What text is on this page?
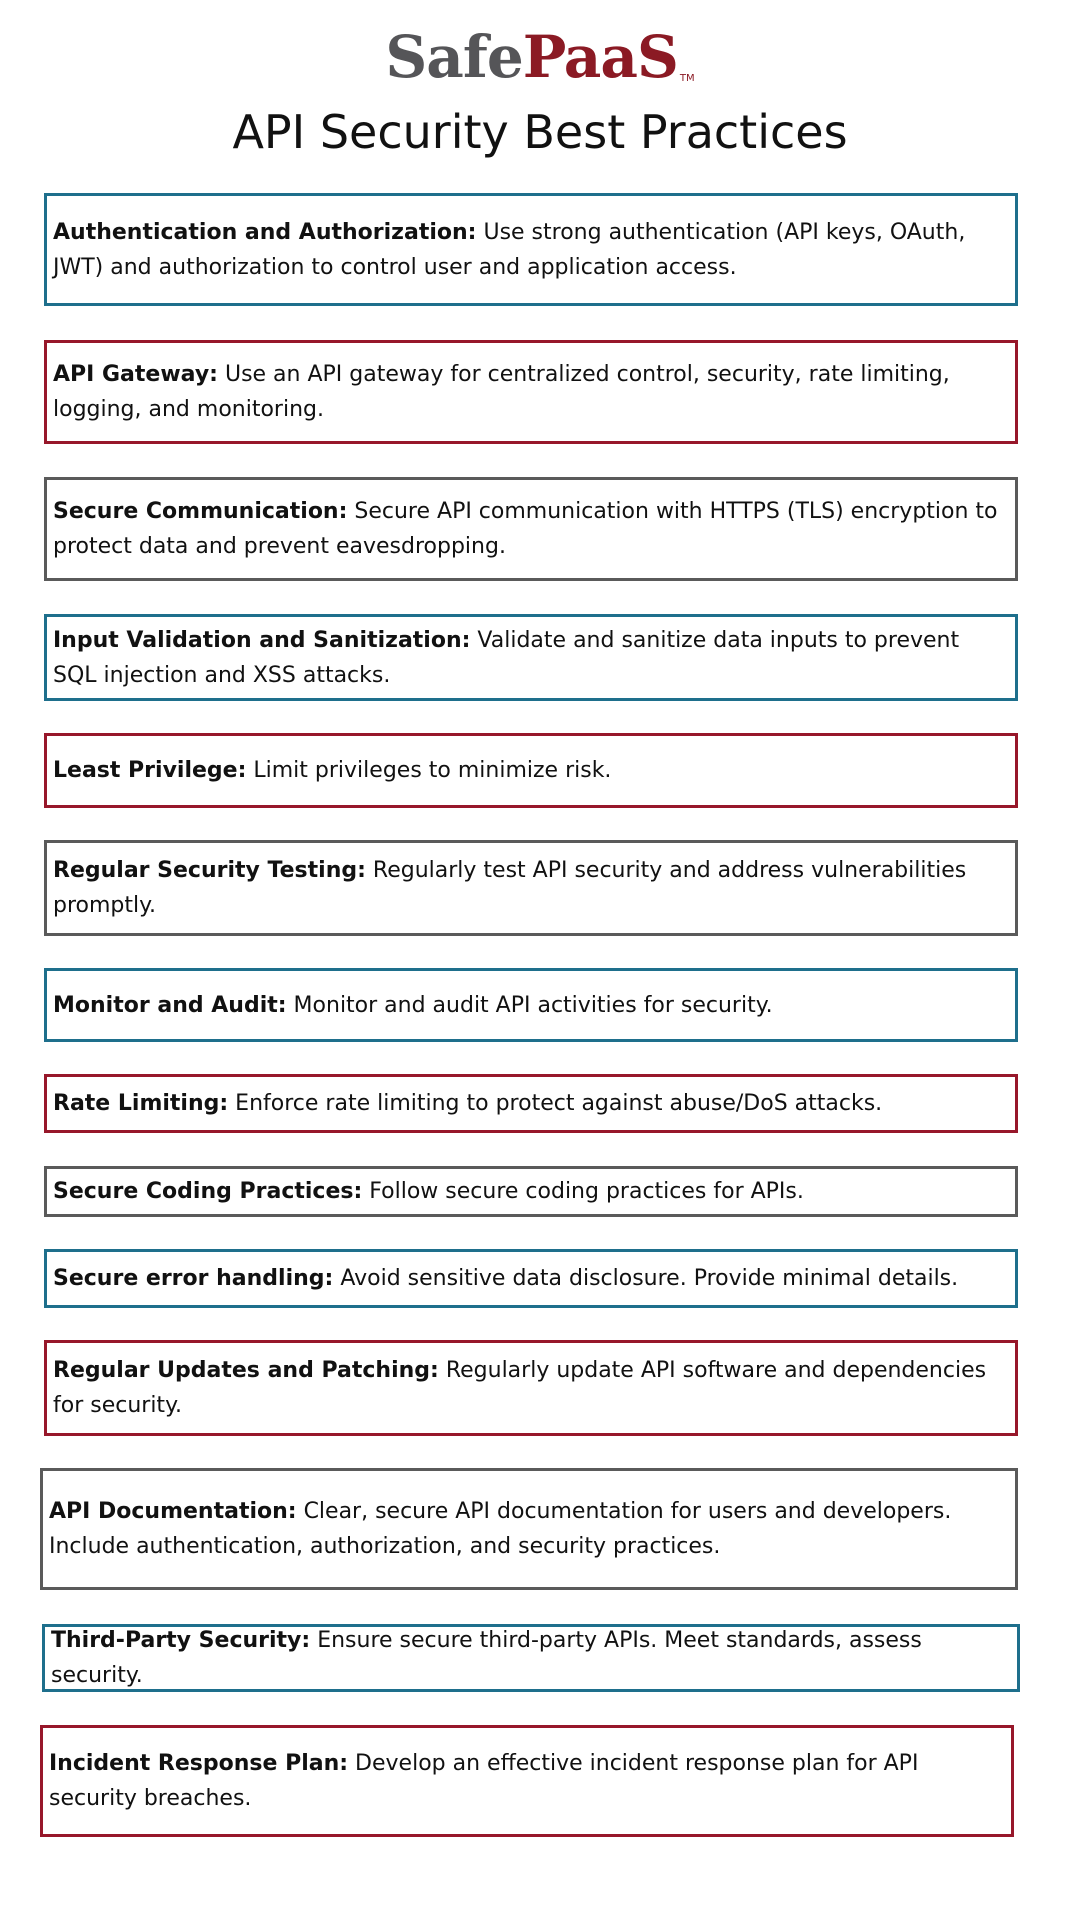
SafePaaS TM
API Security Best Practices

Authentication and Authorization: Use strong authentication (API keys, OAuth, JWT) and authorization to control user and application access.

API Gateway: Use an API gateway for centralized control, security, rate limiting, logging, and monitoring.

Secure Communication: Secure API communication with HTTPS (TLS) encryption to protect data and prevent eavesdropping.

Input Validation and Sanitization: Validate and sanitize data inputs to prevent SQL injection and XSS attacks.

Least Privilege: Limit privileges to minimize risk.

Regular Security Testing: Regularly test API security and address vulnerabilities promptly.

Monitor and Audit: Monitor and audit API activities for security.

Rate Limiting: Enforce rate limiting to protect against abuse/DoS attacks.

Secure Coding Practices: Follow secure coding practices for APIs.

Secure error handling: Avoid sensitive data disclosure. Provide minimal details.

Regular Updates and Patching: Regularly update API software and dependencies for security.

API Documentation: Clear, secure API documentation for users and developers. Include authentication, authorization, and security practices.

Third-Party Security: Ensure secure third-party APIs. Meet standards, assess security.

Incident Response Plan: Develop an effective incident response plan for API security breaches.
